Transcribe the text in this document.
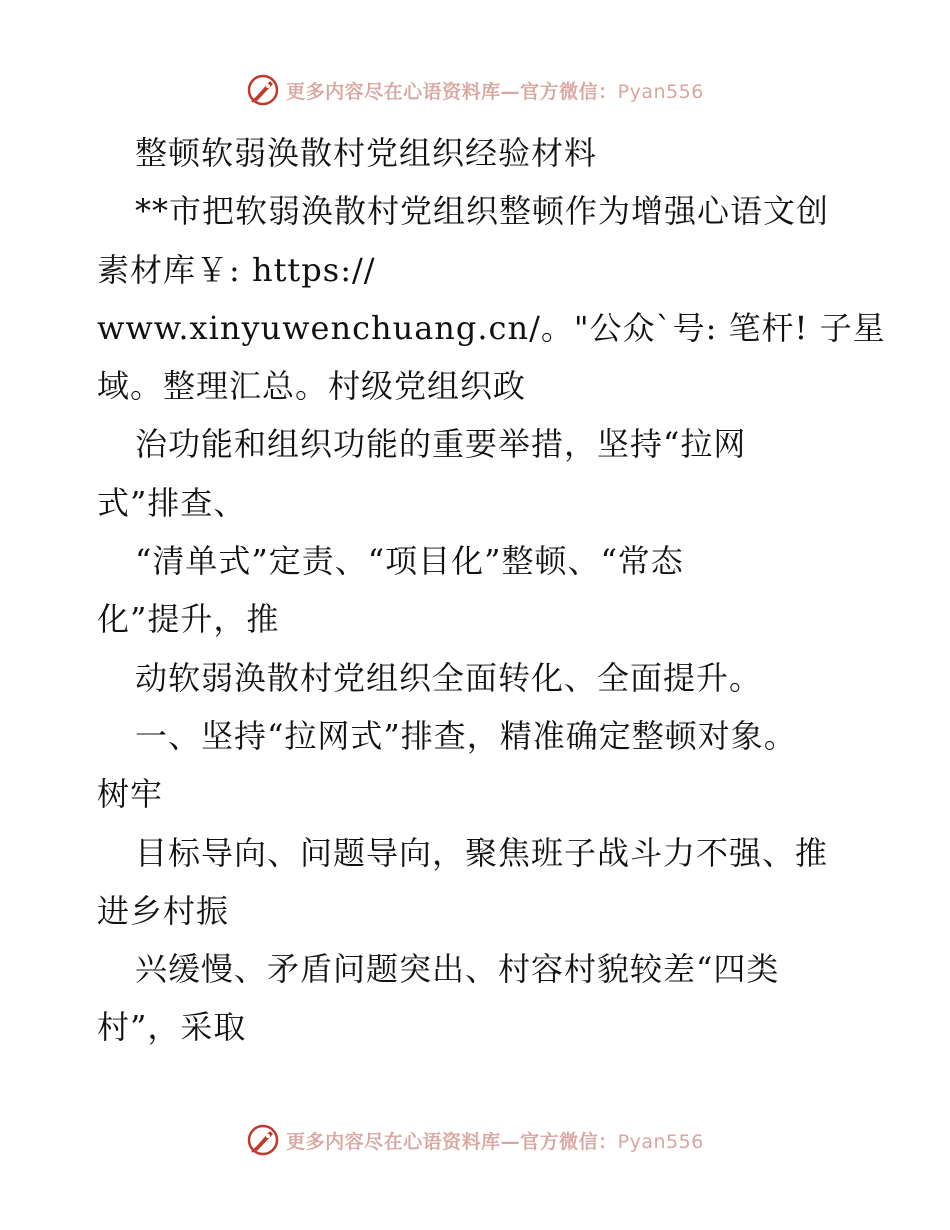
更多内容尽在心语资料库—官方微信：Pyan556
整顿软弱涣散村党组织经验材料
**市把软弱涣散村党组织整顿作为增强心语文创
素材库￥: https://
www.xinyuwenchuang.cn/。"公众`号: 笔杆! 子星
域。整理汇总。村级党组织政
治功能和组织功能的重要举措，坚持“拉网
式”排查、
“清单式”定责、“项目化”整顿、“常态
化”提升，推
动软弱涣散村党组织全面转化、全面提升。
一、坚持“拉网式”排查，精准确定整顿对象。
树牢
目标导向、问题导向，聚焦班子战斗力不强、推
进乡村振
兴缓慢、矛盾问题突出、村容村貌较差“四类
村”，采取
更多内容尽在心语资料库—官方微信：Pyan556
